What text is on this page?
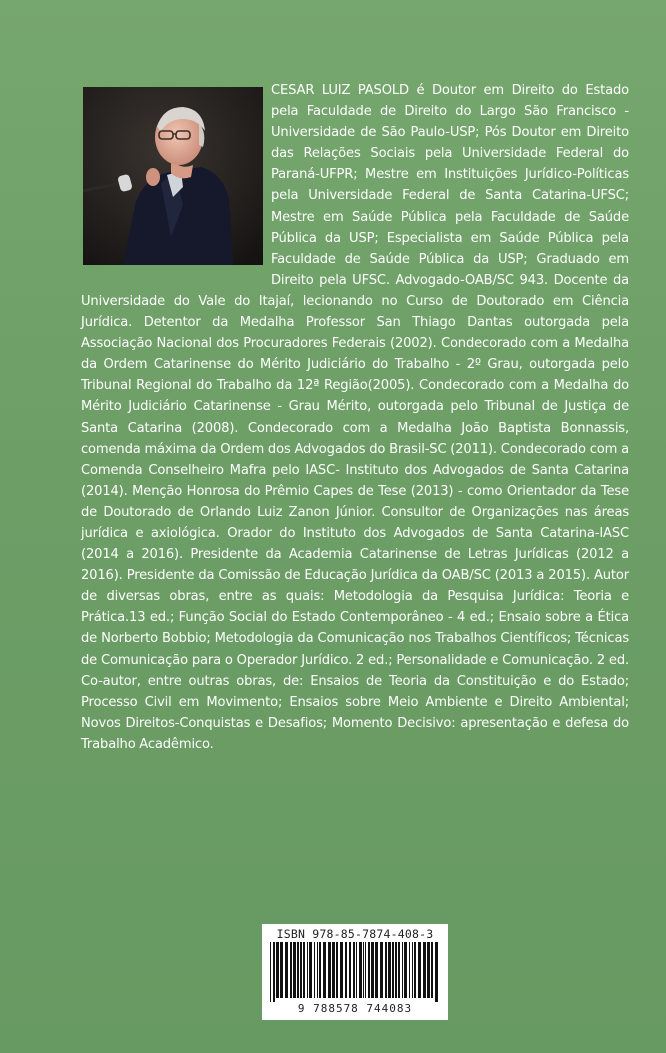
CESAR LUIZ PASOLD é Doutor em Direito do Estado pela Faculdade de Direito do Largo São Francisco - Universidade de São Paulo-USP; Pós Doutor em Direito das Relações Sociais pela Universidade Federal do Paraná-UFPR; Mestre em Instituições Jurídico-Políticas pela Universidade Federal de Santa Catarina-UFSC; Mestre em Saúde Pública pela Faculdade de Saúde Pública da USP; Especialista em Saúde Pública pela Faculdade de Saúde Pública da USP; Graduado em Direito pela UFSC. Advogado-OAB/SC 943. Docente da Universidade do Vale do Itajaí, lecionando no Curso de Doutorado em Ciência Jurídica. Detentor da Medalha Professor San Thiago Dantas outorgada pela Associação Nacional dos Procuradores Federais (2002). Condecorado com a Medalha da Ordem Catarinense do Mérito Judiciário do Trabalho - 2º Grau, outorgada pelo Tribunal Regional do Trabalho da 12ª Região(2005). Condecorado com a Medalha do Mérito Judiciário Catarinense - Grau Mérito, outorgada pelo Tribunal de Justiça de Santa Catarina (2008). Condecorado com a Medalha João Baptista Bonnassis, comenda máxima da Ordem dos Advogados do Brasil-SC (2011). Condecorado com a Comenda Conselheiro Mafra pelo IASC- Instituto dos Advogados de Santa Catarina (2014). Menção Honrosa do Prêmio Capes de Tese (2013) - como Orientador da Tese de Doutorado de Orlando Luiz Zanon Júnior. Consultor de Organizações nas áreas jurídica e axiológica. Orador do Instituto dos Advogados de Santa Catarina-IASC (2014 a 2016). Presidente da Academia Catarinense de Letras Jurídicas (2012 a 2016). Presidente da Comissão de Educação Jurídica da OAB/SC (2013 a 2015). Autor de diversas obras, entre as quais: Metodologia da Pesquisa Jurídica: Teoria e Prática.13 ed.; Função Social do Estado Contemporâneo - 4 ed.; Ensaio sobre a Ética de Norberto Bobbio; Metodologia da Comunicação nos Trabalhos Científicos; Técnicas de Comunicação para o Operador Jurídico. 2 ed.; Personalidade e Comunicação. 2 ed. Co-autor, entre outras obras, de: Ensaios de Teoria da Constituição e do Estado; Processo Civil em Movimento; Ensaios sobre Meio Ambiente e Direito Ambiental; Novos Direitos-Conquistas e Desafios; Momento Decisivo: apresentação e defesa do Trabalho Acadêmico.

ISBN 978-85-7874-408-3
9 788578 744083
